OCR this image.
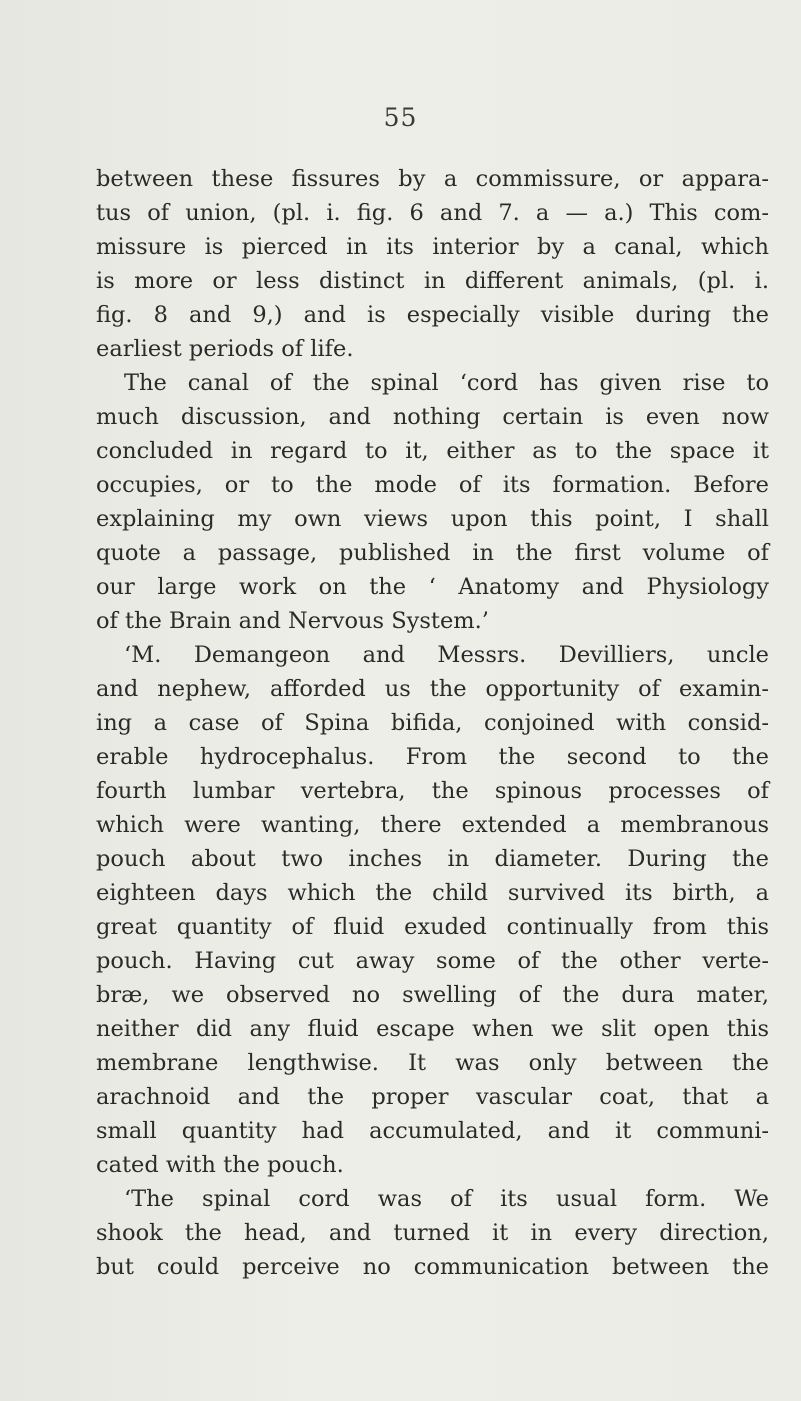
55
between these fissures by a commissure, or appara-
tus of union, (pl. i. fig. 6 and 7. a — a.) This com-
missure is pierced in its interior by a canal, which
is more or less distinct in different animals, (pl. i.
fig. 8 and 9,) and is especially visible during the
earliest periods of life.
The canal of the spinal ‘cord has given rise to
much discussion, and nothing certain is even now
concluded in regard to it, either as to the space it
occupies, or to the mode of its formation. Before
explaining my own views upon this point, I shall
quote a passage, published in the first volume of
our large work on the ‘ Anatomy and Physiology
of the Brain and Nervous System.’
‘M. Demangeon and Messrs. Devilliers, uncle
and nephew, afforded us the opportunity of examin-
ing a case of Spina bifida, conjoined with consid-
erable hydrocephalus. From the second to the
fourth lumbar vertebra, the spinous processes of
which were wanting, there extended a membranous
pouch about two inches in diameter. During the
eighteen days which the child survived its birth, a
great quantity of fluid exuded continually from this
pouch. Having cut away some of the other verte-
bræ, we observed no swelling of the dura mater,
neither did any fluid escape when we slit open this
membrane lengthwise. It was only between the
arachnoid and the proper vascular coat, that a
small quantity had accumulated, and it communi-
cated with the pouch.
‘The spinal cord was of its usual form. We
shook the head, and turned it in every direction,
but could perceive no communication between the
